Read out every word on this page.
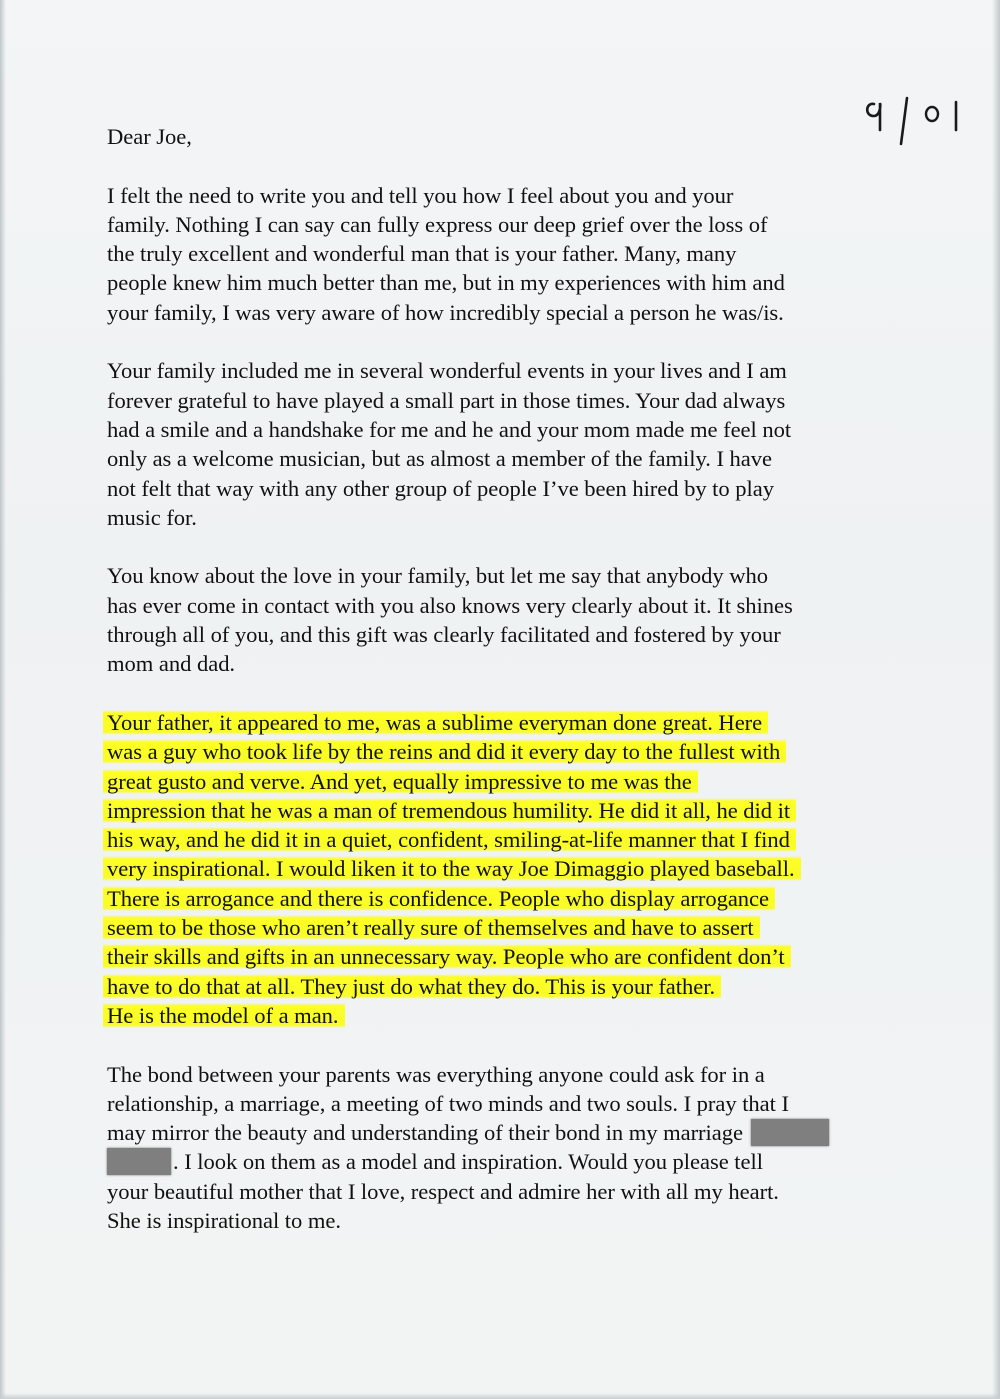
Dear Joe,
I felt the need to write you and tell you how I feel about you and your
family. Nothing I can say can fully express our deep grief over the loss of
the truly excellent and wonderful man that is your father. Many, many
people knew him much better than me, but in my experiences with him and
your family, I was very aware of how incredibly special a person he was/is.
Your family included me in several wonderful events in your lives and I am
forever grateful to have played a small part in those times. Your dad always
had a smile and a handshake for me and he and your mom made me feel not
only as a welcome musician, but as almost a member of the family. I have
not felt that way with any other group of people I’ve been hired by to play
music for.
You know about the love in your family, but let me say that anybody who
has ever come in contact with you also knows very clearly about it. It shines
through all of you, and this gift was clearly facilitated and fostered by your
mom and dad.
Your father, it appeared to me, was a sublime everyman done great. Here
was a guy who took life by the reins and did it every day to the fullest with
great gusto and verve. And yet, equally impressive to me was the
impression that he was a man of tremendous humility. He did it all, he did it
his way, and he did it in a quiet, confident, smiling-at-life manner that I find
very inspirational. I would liken it to the way Joe Dimaggio played baseball.
There is arrogance and there is confidence. People who display arrogance
seem to be those who aren’t really sure of themselves and have to assert
their skills and gifts in an unnecessary way. People who are confident don’t
have to do that at all. They just do what they do. This is your father.
He is the model of a man.
The bond between your parents was everything anyone could ask for in a
relationship, a marriage, a meeting of two minds and two souls. I pray that I
may mirror the beauty and understanding of their bond in my marriage
. I look on them as a model and inspiration. Would you please tell
your beautiful mother that I love, respect and admire her with all my heart.
She is inspirational to me.
